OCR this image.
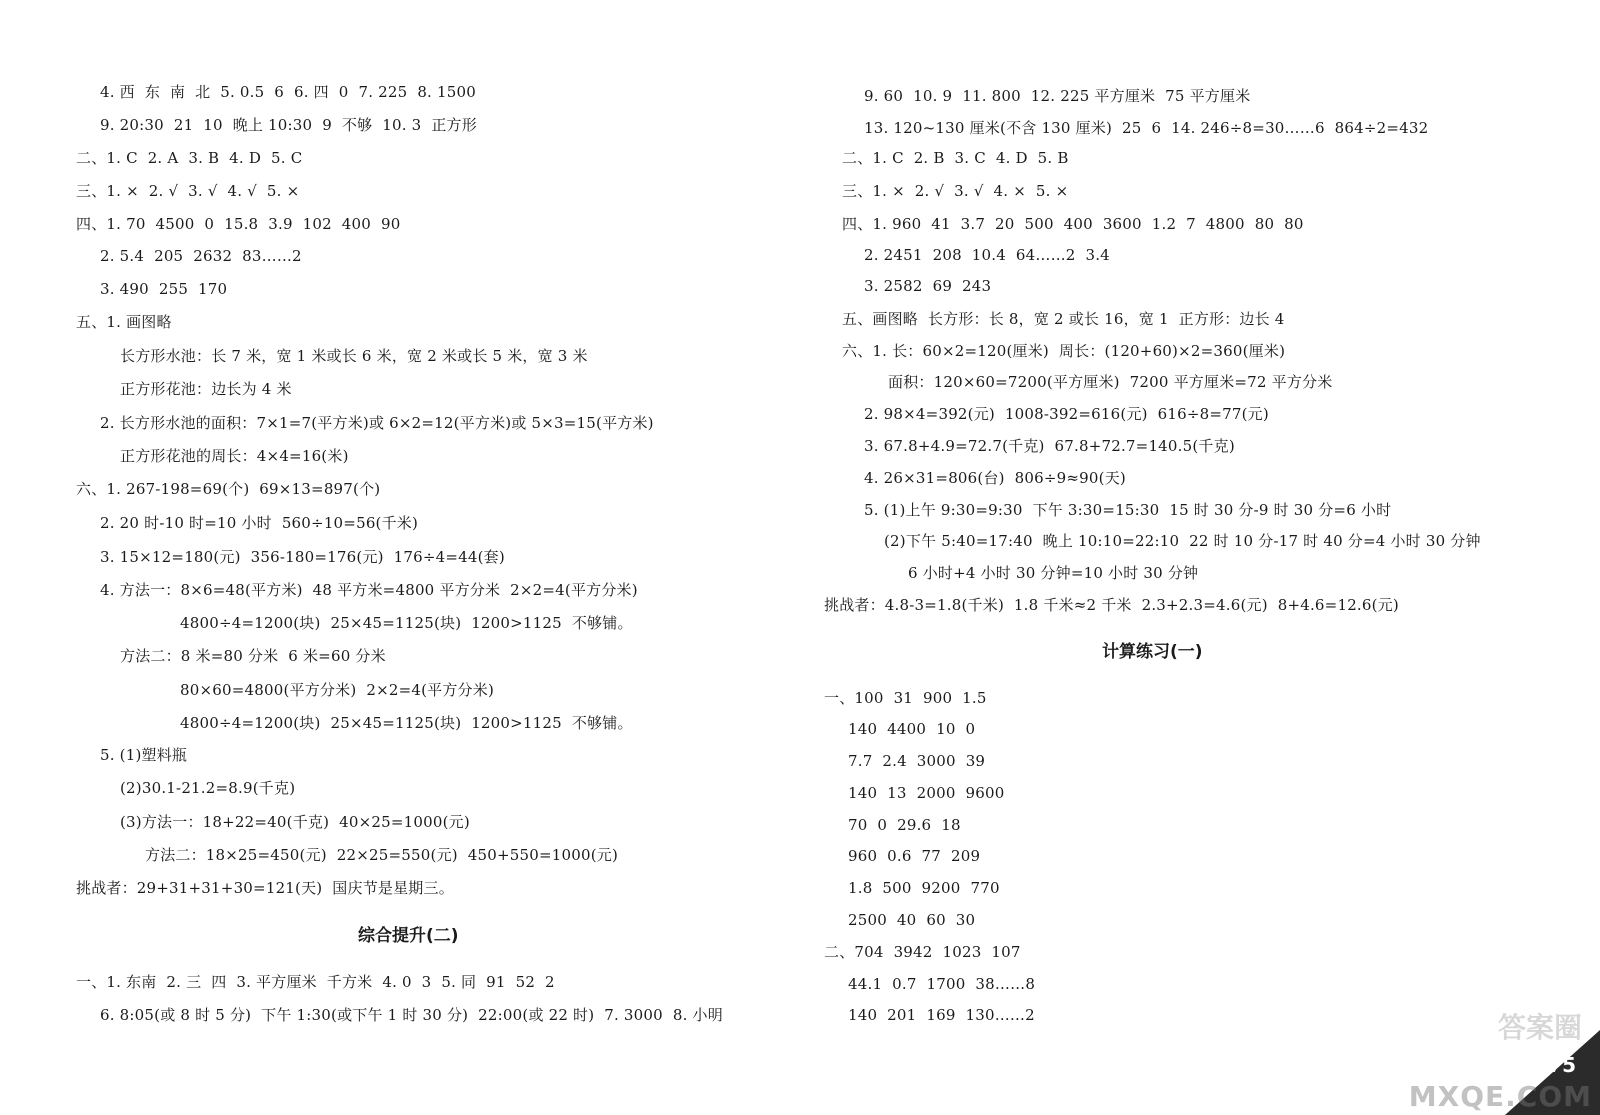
4. 西  东  南  北  5. 0.5  6  6. 四  0  7. 225  8. 1500
9. 20:30  21  10  晚上 10:30  9  不够  10. 3  正方形
二、1. C  2. A  3. B  4. D  5. C
三、1. ×  2. √  3. √  4. √  5. ×
四、1. 70  4500  0  15.8  3.9  102  400  90
2. 5.4  205  2632  83……2
3. 490  255  170
五、1. 画图略
长方形水池：长 7 米，宽 1 米或长 6 米，宽 2 米或长 5 米，宽 3 米
正方形花池：边长为 4 米
2. 长方形水池的面积：7×1=7(平方米)或 6×2=12(平方米)或 5×3=15(平方米)
正方形花池的周长：4×4=16(米)
六、1. 267-198=69(个)  69×13=897(个)
2. 20 时-10 时=10 小时  560÷10=56(千米)
3. 15×12=180(元)  356-180=176(元)  176÷4=44(套)
4. 方法一：8×6=48(平方米)  48 平方米=4800 平方分米  2×2=4(平方分米)
4800÷4=1200(块)  25×45=1125(块)  1200>1125  不够铺。
方法二：8 米=80 分米  6 米=60 分米
80×60=4800(平方分米)  2×2=4(平方分米)
4800÷4=1200(块)  25×45=1125(块)  1200>1125  不够铺。
5. (1)塑料瓶
(2)30.1-21.2=8.9(千克)
(3)方法一：18+22=40(千克)  40×25=1000(元)
方法二：18×25=450(元)  22×25=550(元)  450+550=1000(元)
挑战者：29+31+31+30=121(天)  国庆节是星期三。
综合提升(二)
一、1. 东南  2. 三  四  3. 平方厘米  千方米  4. 0  3  5. 同  91  52  2
6. 8:05(或 8 时 5 分)  下午 1:30(或下午 1 时 30 分)  22:00(或 22 时)  7. 3000  8. 小明
9. 60  10. 9  11. 800  12. 225 平方厘米  75 平方厘米
13. 120~130 厘米(不含 130 厘米)  25  6  14. 246÷8=30……6  864÷2=432
二、1. C  2. B  3. C  4. D  5. B
三、1. ×  2. √  3. √  4. ×  5. ×
四、1. 960  41  3.7  20  500  400  3600  1.2  7  4800  80  80
2. 2451  208  10.4  64……2  3.4
3. 2582  69  243
五、画图略  长方形：长 8，宽 2 或长 16，宽 1  正方形：边长 4
六、1. 长：60×2=120(厘米)  周长：(120+60)×2=360(厘米)
面积：120×60=7200(平方厘米)  7200 平方厘米=72 平方分米
2. 98×4=392(元)  1008-392=616(元)  616÷8=77(元)
3. 67.8+4.9=72.7(千克)  67.8+72.7=140.5(千克)
4. 26×31=806(台)  806÷9≈90(天)
5. (1)上午 9:30=9:30  下午 3:30=15:30  15 时 30 分-9 时 30 分=6 小时
(2)下午 5:40=17:40  晚上 10:10=22:10  22 时 10 分-17 时 40 分=4 小时 30 分钟
6 小时+4 小时 30 分钟=10 小时 30 分钟
挑战者：4.8-3=1.8(千米)  1.8 千米≈2 千米  2.3+2.3=4.6(元)  8+4.6=12.6(元)
计算练习(一)
一、100  31  900  1.5
140  4400  10  0
7.7  2.4  3000  39
140  13  2000  9600
70  0  29.6  18
960  0.6  77  209
1.8  500  9200  770
2500  40  60  30
二、704  3942  1023  107
44.1  0.7  1700  38……8
140  201  169  130……2	答案圈
75
MXQE.COM
